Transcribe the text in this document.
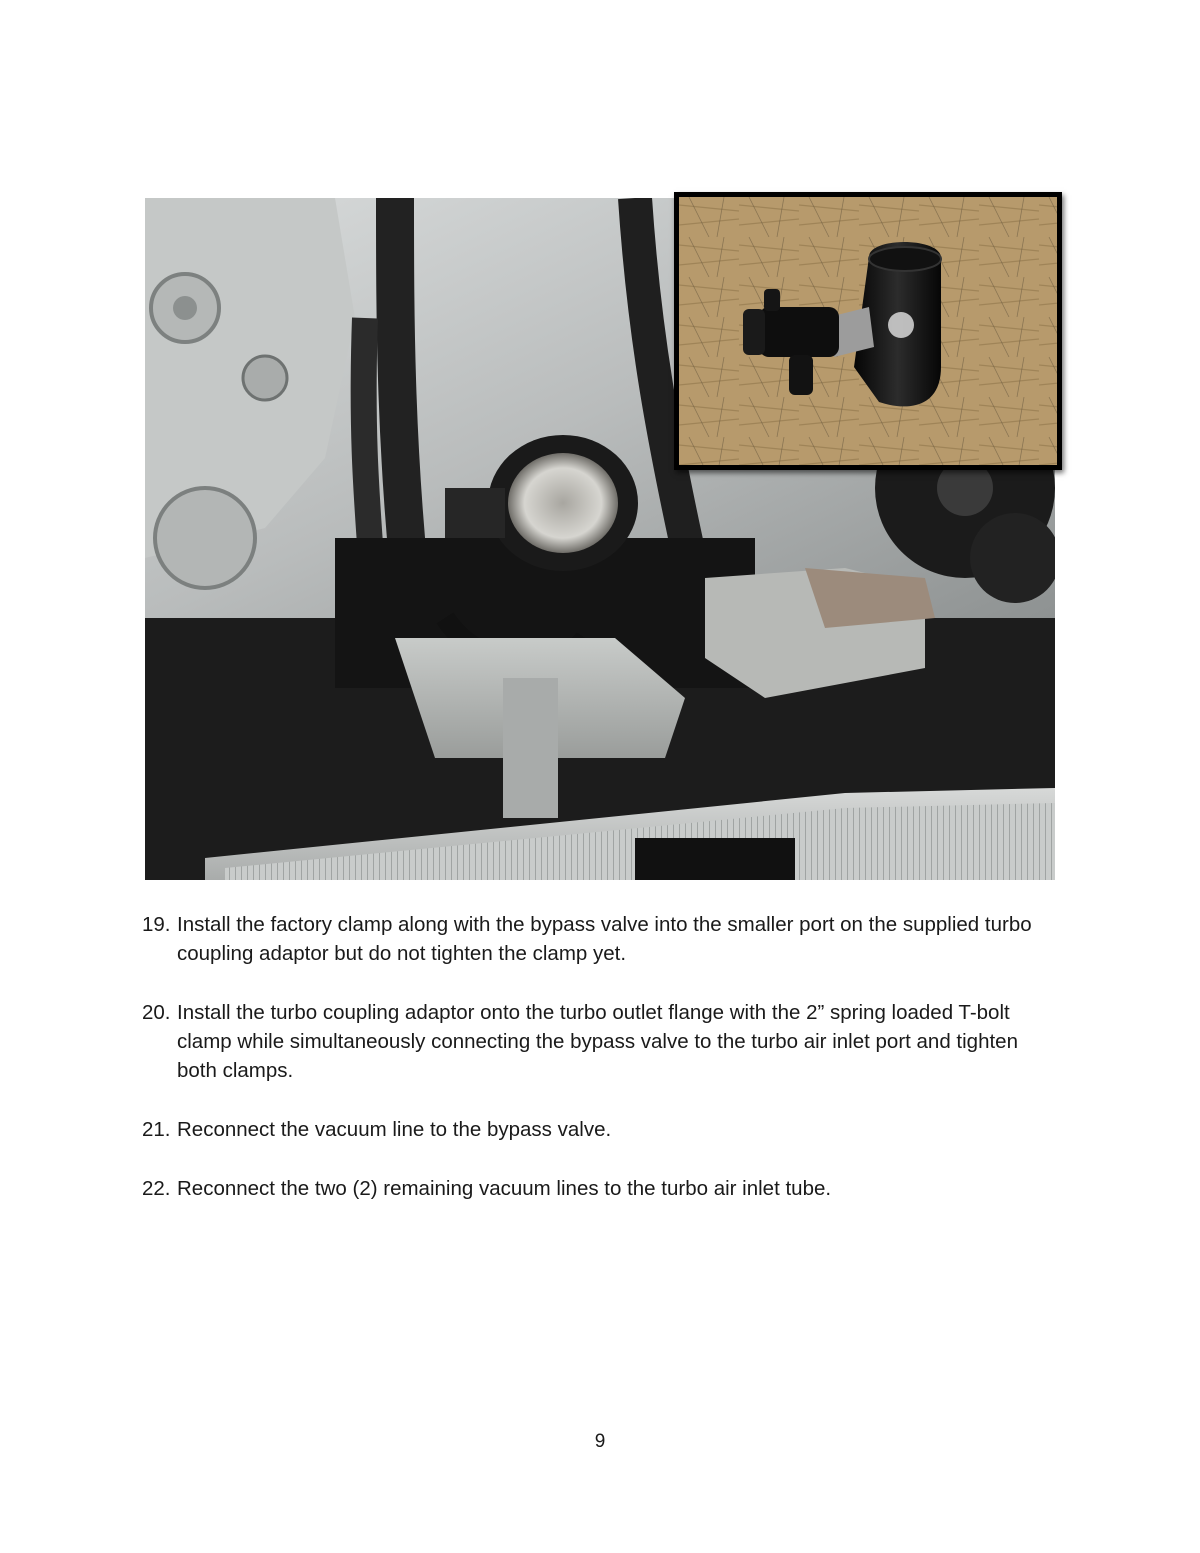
19. Install the factory clamp along with the bypass valve into the smaller port on the supplied turbo coupling adaptor but do not tighten the clamp yet.
20. Install the turbo coupling adaptor onto the turbo outlet flange with the 2” spring loaded T-bolt clamp while simultaneously connecting the bypass valve to the turbo air inlet port and tighten both clamps.
21. Reconnect the vacuum line to the bypass valve.
22. Reconnect the two (2) remaining vacuum lines to the turbo air inlet tube.
9
